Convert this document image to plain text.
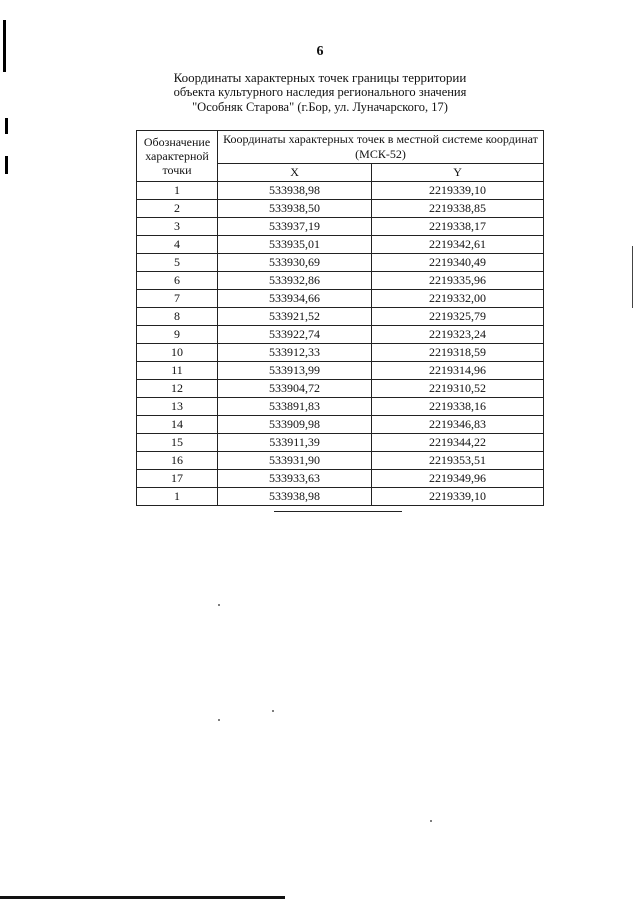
6
Координаты характерных точек границы территории
объекта культурного наследия регионального значения
"Особняк Старова" (г.Бор, ул. Луначарского, 17)
Обозначение характерной точки	Координаты характерных точек в местной системе координат (МСК-52)	
	X	Y
1	533938,98	2219339,10
2	533938,50	2219338,85
3	533937,19	2219338,17
4	533935,01	2219342,61
5	533930,69	2219340,49
6	533932,86	2219335,96
7	533934,66	2219332,00
8	533921,52	2219325,79
9	533922,74	2219323,24
10	533912,33	2219318,59
11	533913,99	2219314,96
12	533904,72	2219310,52
13	533891,83	2219338,16
14	533909,98	2219346,83
15	533911,39	2219344,22
16	533931,90	2219353,51
17	533933,63	2219349,96
1	533938,98	2219339,10
